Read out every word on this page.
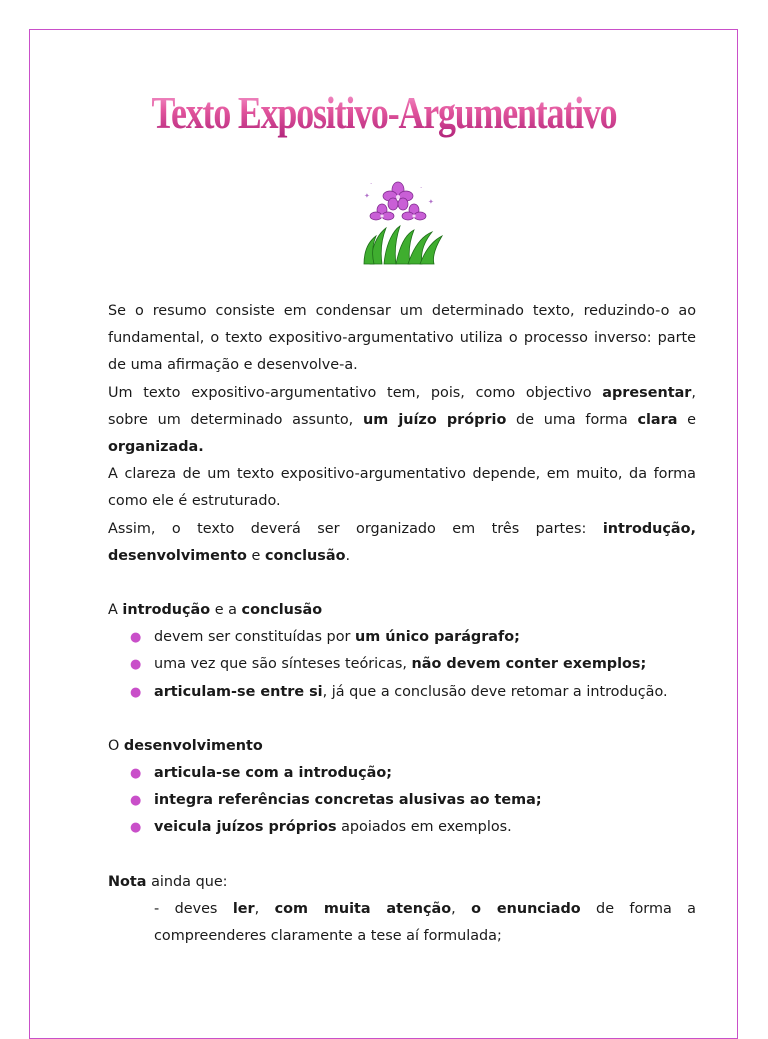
Texto Expositivo-Argumentativo
✦
✦
·
·

Se o resumo consiste em condensar um determinado texto, reduzindo-o ao fundamental, o texto expositivo-argumentativo utiliza o processo inverso: parte de uma afirmação e desenvolve-a.

Um texto expositivo-argumentativo tem, pois, como objectivo apresentar, sobre um determinado assunto, um juízo próprio de uma forma clara e organizada.

A clareza de um texto expositivo-argumentativo depende, em muito, da forma como ele é estruturado.

Assim, o texto deverá ser organizado em três partes: introdução, desenvolvimento e conclusão.

A introdução e a conclusão

● devem ser constituídas por um único parágrafo;
● uma vez que são sínteses teóricas, não devem conter exemplos;
● articulam-se entre si, já que a conclusão deve retomar a introdução.

O desenvolvimento

● articula-se com a introdução;
● integra referências concretas alusivas ao tema;
● veicula juízos próprios apoiados em exemplos.

Nota ainda que:

- deves ler, com muita atenção, o enunciado de forma a compreenderes claramente a tese aí formulada;
